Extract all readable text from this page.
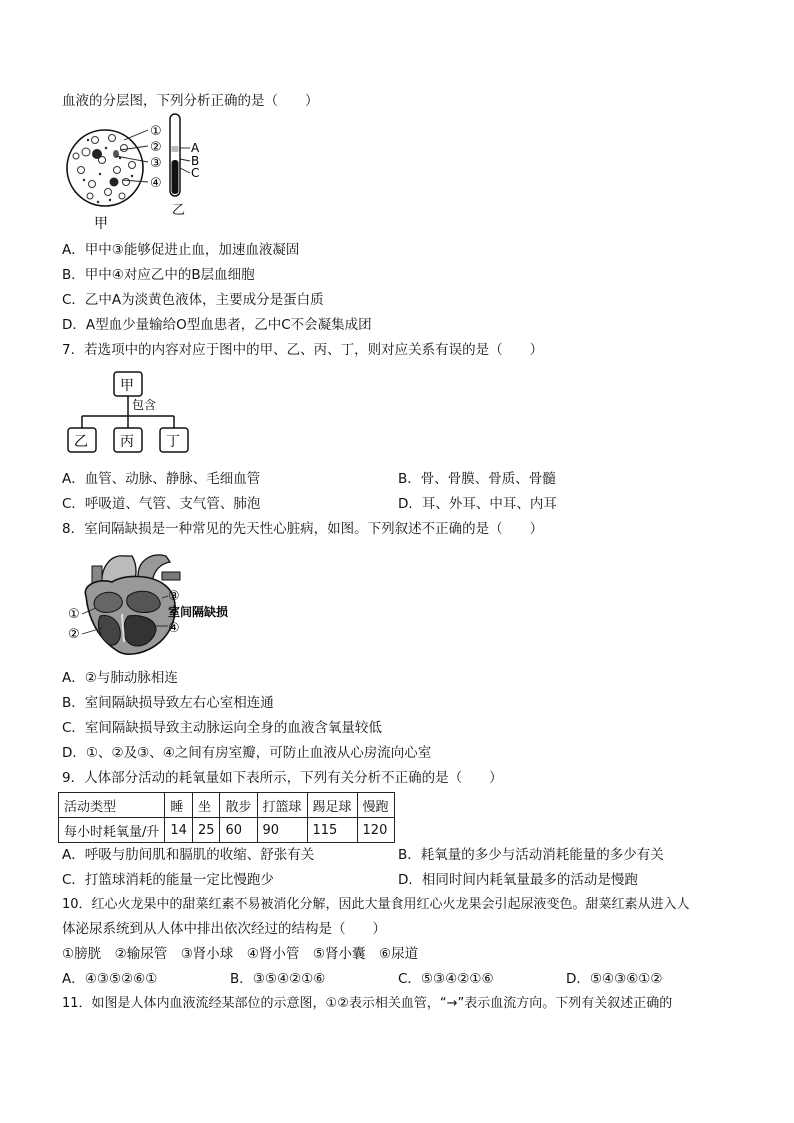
血液的分层图，下列分析正确的是（　　）
①
②
③
④
A
B
C
乙
甲
A．甲中③能够促进止血，加速血液凝固
B．甲中④对应乙中的B层血细胞
C．乙中A为淡黄色液体，主要成分是蛋白质
D．A型血少量输给O型血患者，乙中C不会凝集成团
7．若选项中的内容对应于图中的甲、乙、丙、丁，则对应关系有误的是（　　）
甲
包含
乙 丙 丁
A．血管、动脉、静脉、毛细血管	B．骨、骨膜、骨质、骨髓
C．呼吸道、气管、支气管、肺泡	D．耳、外耳、中耳、内耳
8．室间隔缺损是一种常见的先天性心脏病，如图。下列叙述不正确的是（　　）
①
②
③
室间隔缺损
④
A．②与肺动脉相连
B．室间隔缺损导致左右心室相连通
C．室间隔缺损导致主动脉运向全身的血液含氧量较低
D．①、②及③、④之间有房室瓣，可防止血液从心房流向心室
9．人体部分活动的耗氧量如下表所示，下列有关分析不正确的是（　　）
活动类型	睡	坐	散步	打篮球	踢足球	慢跑
每小时耗氧量/升	14	25	60	90	115	120
A．呼吸与肋间肌和膈肌的收缩、舒张有关	B．耗氧量的多少与活动消耗能量的多少有关
C．打篮球消耗的能量一定比慢跑少	D．相同时间内耗氧量最多的活动是慢跑
10．红心火龙果中的甜菜红素不易被消化分解，因此大量食用红心火龙果会引起尿液变色。甜菜红素从进入人
体泌尿系统到从人体中排出依次经过的结构是（　　）
①膀胱　②输尿管　③肾小球　④肾小管　⑤肾小囊　⑥尿道
A．④③⑤②⑥①	B．③⑤④②①⑥	C．⑤③④②①⑥	D．⑤④③⑥①②
11．如图是人体内血液流经某部位的示意图，①②表示相关血管，“→”表示血流方向。下列有关叙述正确的
